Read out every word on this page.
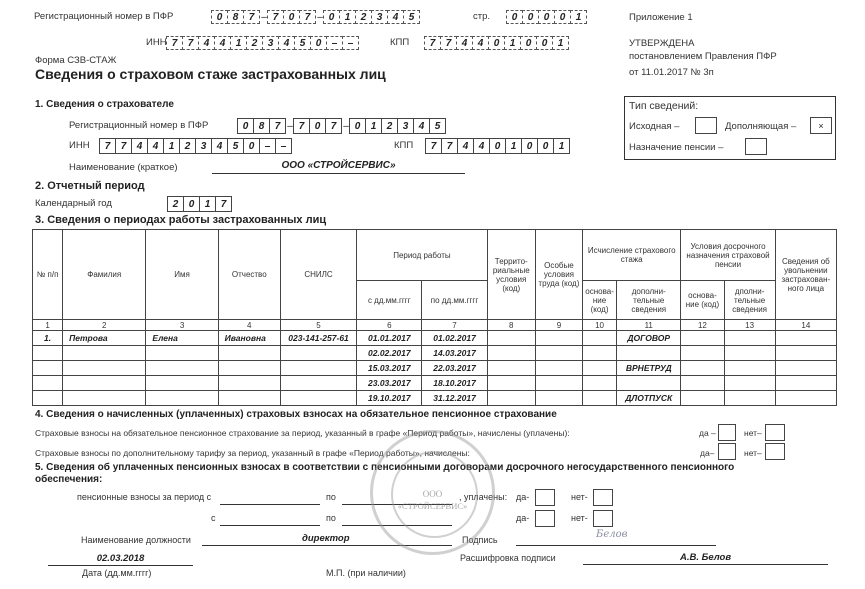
Регистрационный номер в ПФР	0	8	7 – 7	0	7 – 0	1	2	3	4	5	стр.	0	0	0	0	1
ИНН 7	7	4	4	1	2	3	4	5	0	–	–	КПП	7	7	4	4	0	1	0	0	1
Форма СЗВ-СТАЖ
Сведения о страховом стаже застрахованных лиц
Приложение 1
УТВЕРЖДЕНА
постановлением Правления ПФР
от 11.01.2017 № 3п
Тип сведений:
Исходная –	Дополняющая – ×
Назначение пенсии –
1. Сведения о страхователе
Регистрационный номер в ПФР	0	8	7 – 7	0	7 – 0	1	2	3	4	5
ИНН	7	7	4	4	1	2	3	4	5	0	–	–	КПП	7	7	4	4	0	1	0	0	1
Наименование (краткое)	ООО «СТРОЙСЕРВИС»
2. Отчетный период
Календарный год	2	0	1	7
3. Сведения о периодах работы застрахованных лиц
№ п/п	Фамилия	Имя	Отчество	СНИЛС	Период работы		Террито-риальные условия (код)	Особые условия труда (код)	Исчисление страхового стажа		Условия досрочного назначения страховой пенсии		Сведения об увольнении застрахован-ного лица
					с дд.мм.гггг	по дд.мм.гггг			основа-ние (код)	дополни-тельные сведения	основа-ние (код)	дполни-тельные сведения	
1	2	3	4	5	6	7	8	9	10	11	12	13	14
1.	Петрова	Елена	Ивановна	023-141-257-61	01.01.2017	01.02.2017				ДОГОВОР			
					02.02.2017	14.03.2017							
					15.03.2017	22.03.2017				ВРНЕТРУД			
					23.03.2017	18.10.2017							
					19.10.2017	31.12.2017				ДЛОТПУСК			
4. Сведения о начисленных (уплаченных) страховых взносах на обязательное пенсионное страхование
Страховые взносы на обязательное пенсионное страхование за период, указанный в графе «Период работы», начислены (уплачены):	да –	нет–
Страховые взносы по дополнительному тарифу за период, указанный в графе «Период работы», начислены:	да–	нет–
5. Сведения об уплаченных пенсионных взносах в соответствии с пенсионными договорами досрочного негосударственного пенсионного
обеспечения:
пенсионные взносы за период с	по	, уплачены: да-	нет-
с	по	да-	нет-
Наименование должности	директор	Подпись	Белов
Расшифровка подписи	А.В. Белов
02.03.2018
Дата (дд.мм.гггг)	М.П. (при наличии)
ООО
«СТРОЙСЕРВИС»
